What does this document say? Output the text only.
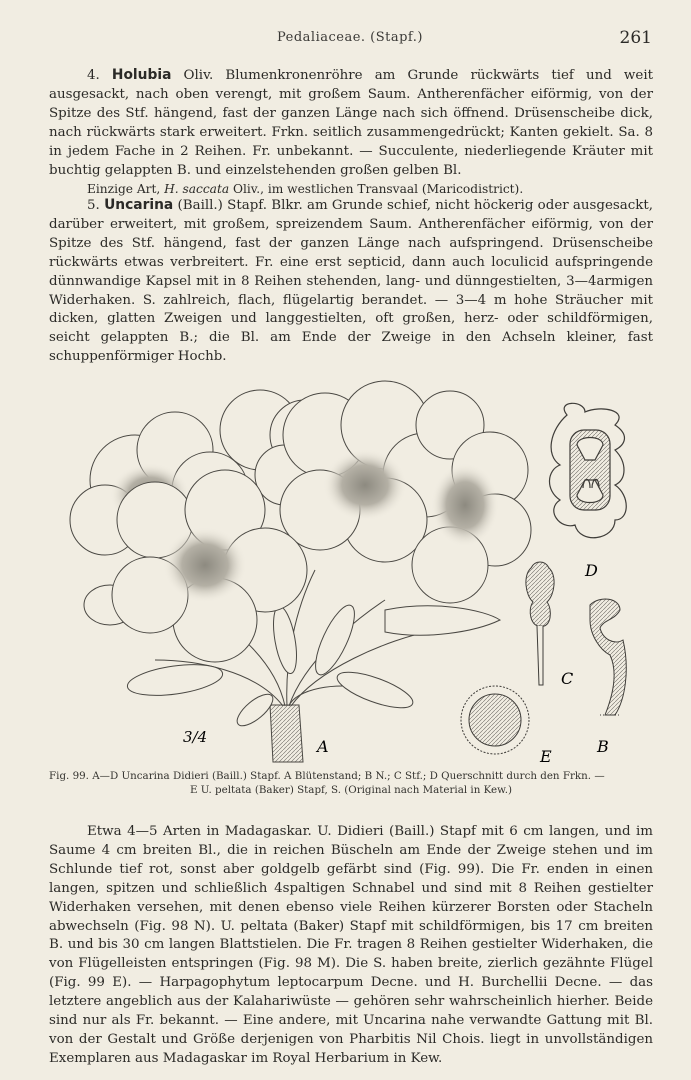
Pedaliaceae. (Stapf.)	261

4. Holubia Oliv. Blumenkronenröhre am Grunde rückwärts tief und weit ausgesackt, nach oben verengt, mit großem Saum. Antherenfächer eiförmig, von der Spitze des Stf. hängend, fast der ganzen Länge nach sich öffnend. Drüsenscheibe dick, nach rückwärts stark erweitert. Frkn. seitlich zusammengedrückt; Kanten gekielt. Sa. 8 in jedem Fache in 2 Reihen. Fr. unbekannt. — Succulente, niederliegende Kräuter mit buchtig gelappten B. und einzelstehenden großen gelben Bl.

Einzige Art, H. saccata Oliv., im westlichen Transvaal (Maricodistrict).

5. Uncarina (Baill.) Stapf. Blkr. am Grunde schief, nicht höckerig oder ausgesackt, darüber erweitert, mit großem, spreizendem Saum. Antherenfächer eiförmig, von der Spitze des Stf. hängend, fast der ganzen Länge nach aufspringend. Drüsenscheibe rückwärts etwas verbreitert. Fr. eine erst septicid, dann auch loculicid aufspringende dünnwandige Kapsel mit in 8 Reihen stehenden, lang- und dünngestielten, 3—4armigen Widerhaken. S. zahlreich, flach, flügelartig berandet. — 3—4 m hohe Sträucher mit dicken, glatten Zweigen und langgestielten, oft großen, herz- oder schildförmigen, seicht gelappten B.; die Bl. am Ende der Zweige in den Achseln kleiner, fast schuppenförmiger Hochb.

3/4	A
D
C
B
E
Fig. 99. A—D Uncarina Didieri (Baill.) Stapf. A Blütenstand; B N.; C Stf.; D Querschnitt durch den Frkn. —
E U. peltata (Baker) Stapf, S. (Original nach Material in Kew.)

Etwa 4—5 Arten in Madagaskar. U. Didieri (Baill.) Stapf mit 6 cm langen, und im Saume 4 cm breiten Bl., die in reichen Büscheln am Ende der Zweige stehen und im Schlunde tief rot, sonst aber goldgelb gefärbt sind (Fig. 99). Die Fr. enden in einen langen, spitzen und schließlich 4spaltigen Schnabel und sind mit 8 Reihen gestielter Widerhaken versehen, mit denen ebenso viele Reihen kürzerer Borsten oder Stacheln abwechseln (Fig. 98 N). U. peltata (Baker) Stapf mit schildförmigen, bis 17 cm breiten B. und bis 30 cm langen Blattstielen. Die Fr. tragen 8 Reihen gestielter Widerhaken, die von Flügelleisten entspringen (Fig. 98 M). Die S. haben breite, zierlich gezähnte Flügel (Fig. 99 E). — Harpagophytum leptocarpum Decne. und H. Burchellii Decne. — das letztere angeblich aus der Kalahariwüste — gehören sehr wahrscheinlich hierher. Beide sind nur als Fr. bekannt. — Eine andere, mit Uncarina nahe verwandte Gattung mit Bl. von der Gestalt und Größe derjenigen von Pharbitis Nil Chois. liegt in unvollständigen Exemplaren aus Madagaskar im Royal Herbarium in Kew.
